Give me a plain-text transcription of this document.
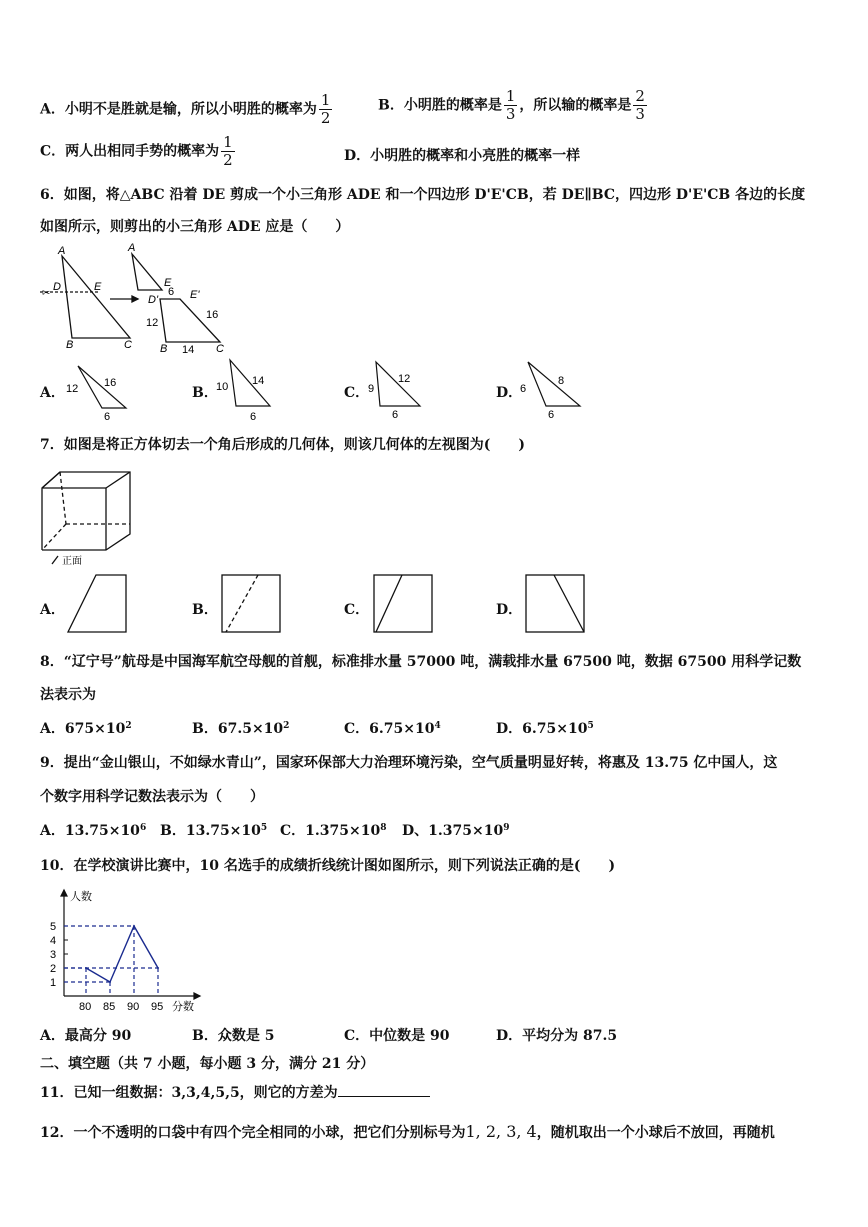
A．小明不是胜就是输，所以小明胜的概率为 $\frac{1}{2}$	B．小明胜的概率是 $\frac{1}{3}$ ，所以输的概率是 $\frac{2}{3}$
C．两人出相同手势的概率为 $\frac{1}{2}$	D．小明胜的概率和小亮胜的概率一样
6．如图，将△ABC 沿着 DE 剪成一个小三角形 ADE 和一个四边形 D'E'CB，若 DE∥BC，四边形 D'E'CB 各边的长度
如图所示，则剪出的小三角形 ADE 应是（　　）
✂
A
D	E
B	C
A
E
D'	E'
B	C
6
12
16
14
A．	B．	C．	D．
12 16
6
10 14
6
9
12
6
6
8
6
7．如图是将正方体切去一个角后形成的几何体，则该几何体的左视图为(　　)
正面
A．	B．	C．	D．
8．“辽宁号”航母是中国海军航空母舰的首舰，标准排水量 57000 吨，满载排水量 67500 吨，数据 67500 用科学记数
法表示为
A．$675\times 10^2$	B．$67.5\times 10^2$	C．$6.75\times 10^4$	D．$6.75\times 10^5$
9．提出“金山银山，不如绿水青山”，国家环保部大力治理环境污染，空气质量明显好转，将惠及 13.75 亿中国人，这
个数字用科学记数法表示为（　　）
A．$13.75\times 10^6$ B．$13.75\times 10^5$ C．$1.375\times 10^8$ D、$1.375\times 10^9$
10．在学校演讲比赛中，10 名选手的成绩折线统计图如图所示，则下列说法正确的是(　　)
人数
分数
1
2
3
4
5
80 85 90 95
A．最高分 90	B．众数是 5	C．中位数是 90	D．平均分为 87.5
二、填空题（共 7 小题，每小题 3 分，满分 21 分）
11．已知一组数据：3,3,4,5,5，则它的方差为
12．一个不透明的口袋中有四个完全相同的小球，把它们分别标号为1, 2, 3, 4，随机取出一个小球后不放回，再随机
